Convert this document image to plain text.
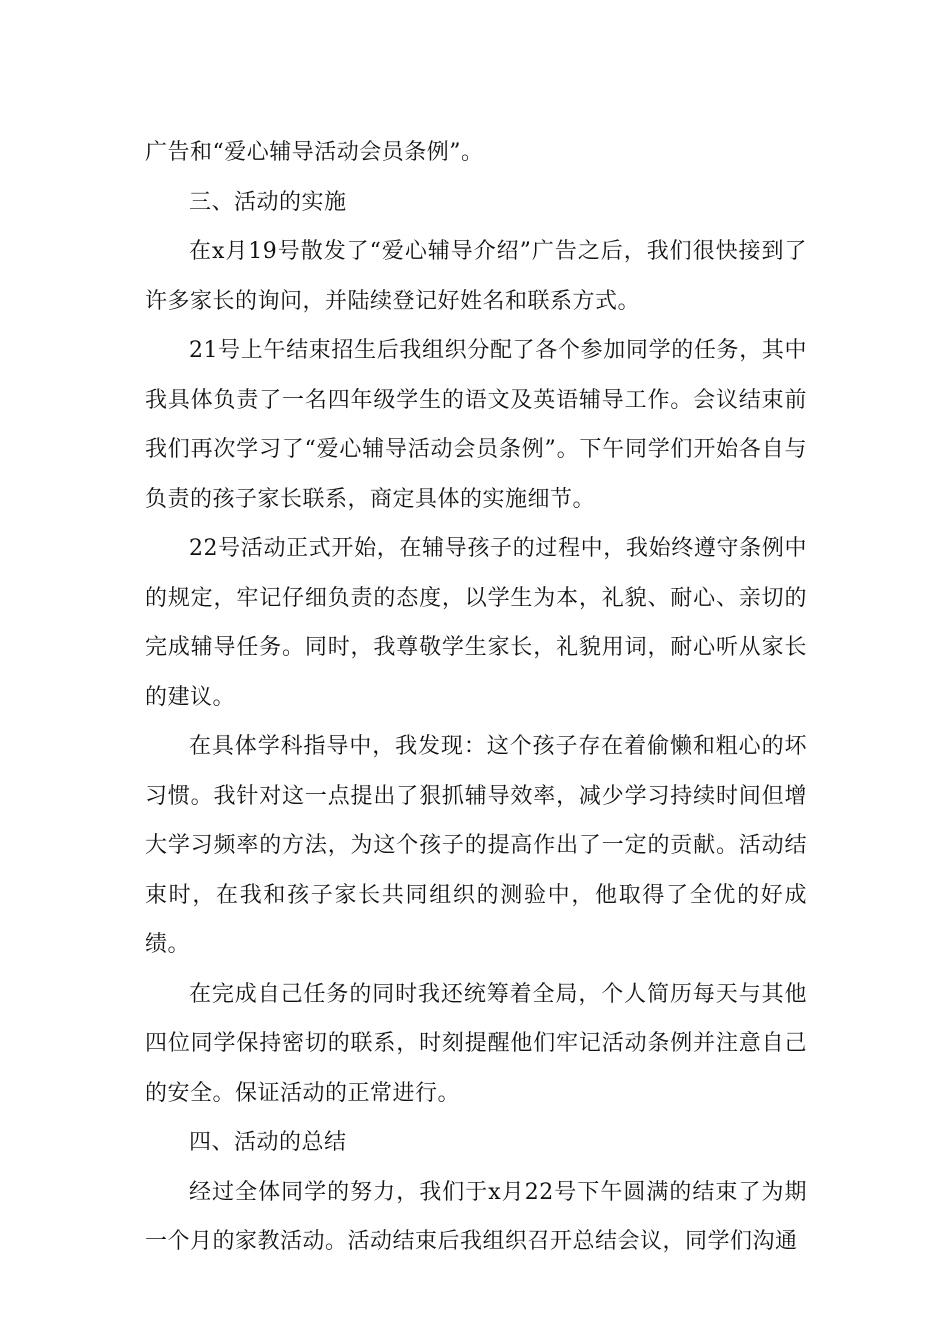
广告和“爱心辅导活动会员条例”。

三、活动的实施

在x月19号散发了“爱心辅导介绍”广告之后，我们很快接到了许多家长的询问，并陆续登记好姓名和联系方式。

21号上午结束招生后我组织分配了各个参加同学的任务，其中我具体负责了一名四年级学生的语文及英语辅导工作。会议结束前我们再次学习了“爱心辅导活动会员条例”。下午同学们开始各自与负责的孩子家长联系，商定具体的实施细节。

22号活动正式开始，在辅导孩子的过程中，我始终遵守条例中的规定，牢记仔细负责的态度，以学生为本，礼貌、耐心、亲切的完成辅导任务。同时，我尊敬学生家长，礼貌用词，耐心听从家长的建议。

在具体学科指导中，我发现：这个孩子存在着偷懒和粗心的坏习惯。我针对这一点提出了狠抓辅导效率，减少学习持续时间但增大学习频率的方法，为这个孩子的提高作出了一定的贡献。活动结束时，在我和孩子家长共同组织的测验中，他取得了全优的好成绩。

在完成自己任务的同时我还统筹着全局，个人简历每天与其他四位同学保持密切的联系，时刻提醒他们牢记活动条例并注意自己的安全。保证活动的正常进行。

四、活动的总结

经过全体同学的努力，我们于x月22号下午圆满的结束了为期一个月的家教活动。活动结束后我组织召开总结会议，同学们沟通
